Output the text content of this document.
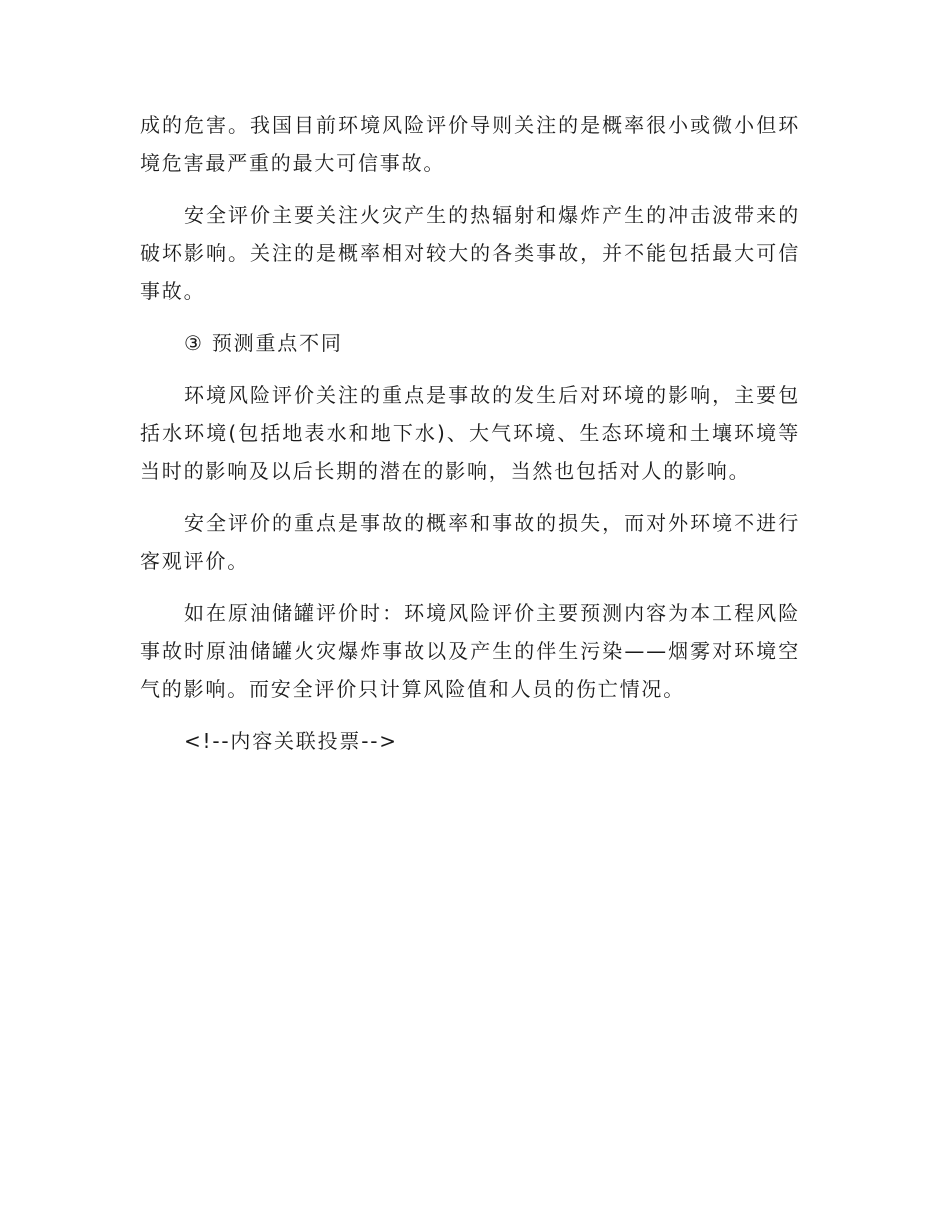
成的危害。我国目前环境风险评价导则关注的是概率很小或微小但环境危害最严重的最大可信事故。

安全评价主要关注火灾产生的热辐射和爆炸产生的冲击波带来的破坏影响。关注的是概率相对较大的各类事故，并不能包括最大可信事故。

③ 预测重点不同

环境风险评价关注的重点是事故的发生后对环境的影响，主要包括水环境(包括地表水和地下水)、大气环境、生态环境和土壤环境等当时的影响及以后长期的潜在的影响，当然也包括对人的影响。

安全评价的重点是事故的概率和事故的损失，而对外环境不进行客观评价。

如在原油储罐评价时：环境风险评价主要预测内容为本工程风险事故时原油储罐火灾爆炸事故以及产生的伴生污染——烟雾对环境空气的影响。而安全评价只计算风险值和人员的伤亡情况。

<!--内容关联投票-->
